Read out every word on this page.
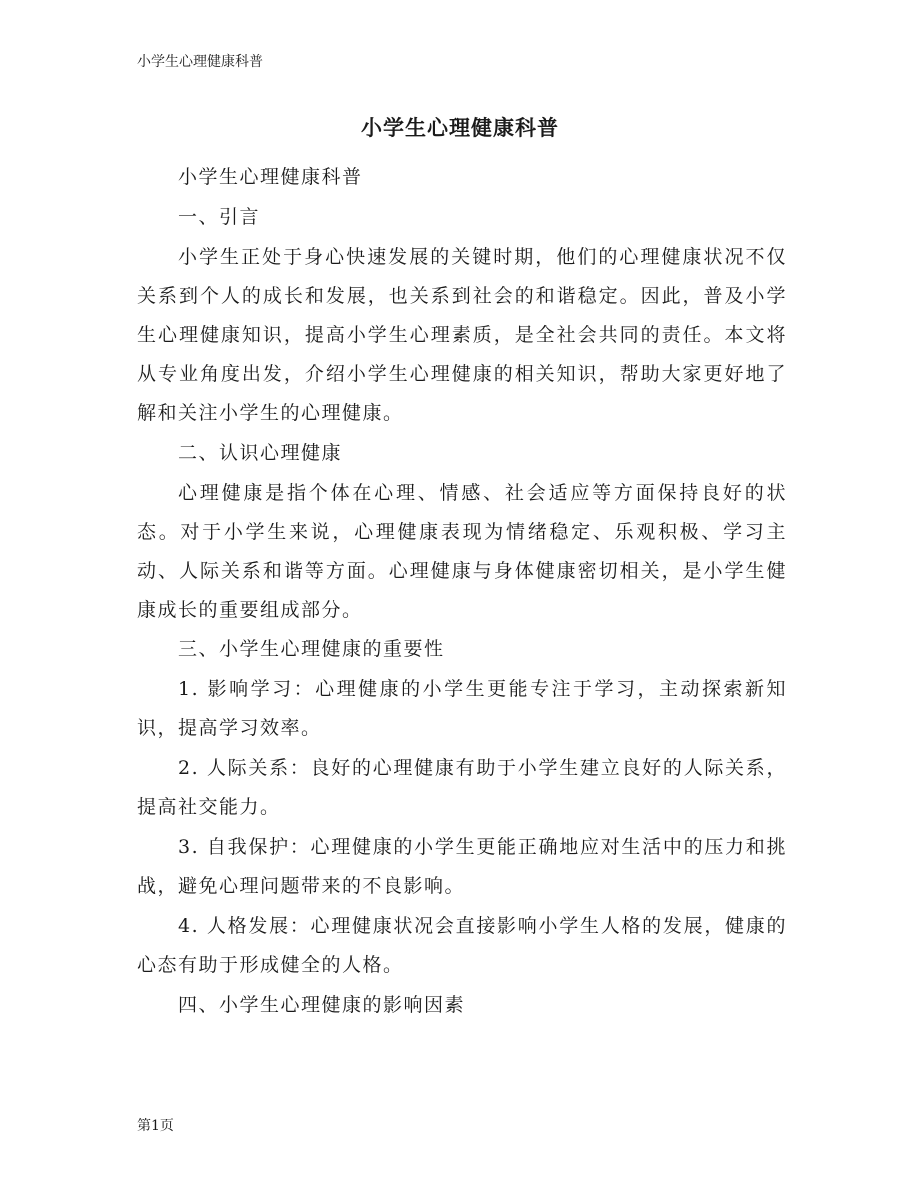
小学生心理健康科普
小学生心理健康科普

小学生心理健康科普

一、引言

小学生正处于身心快速发展的关键时期，他们的心理健康状况不仅关系到个人的成长和发展，也关系到社会的和谐稳定。因此，普及小学生心理健康知识，提高小学生心理素质，是全社会共同的责任。本文将从专业角度出发，介绍小学生心理健康的相关知识，帮助大家更好地了解和关注小学生的心理健康。

二、认识心理健康

心理健康是指个体在心理、情感、社会适应等方面保持良好的状态。对于小学生来说，心理健康表现为情绪稳定、乐观积极、学习主动、人际关系和谐等方面。心理健康与身体健康密切相关，是小学生健康成长的重要组成部分。

三、小学生心理健康的重要性

1. 影响学习：心理健康的小学生更能专注于学习，主动探索新知识，提高学习效率。

2. 人际关系：良好的心理健康有助于小学生建立良好的人际关系，提高社交能力。

3. 自我保护：心理健康的小学生更能正确地应对生活中的压力和挑战，避免心理问题带来的不良影响。

4. 人格发展：心理健康状况会直接影响小学生人格的发展，健康的心态有助于形成健全的人格。

四、小学生心理健康的影响因素

第1页
